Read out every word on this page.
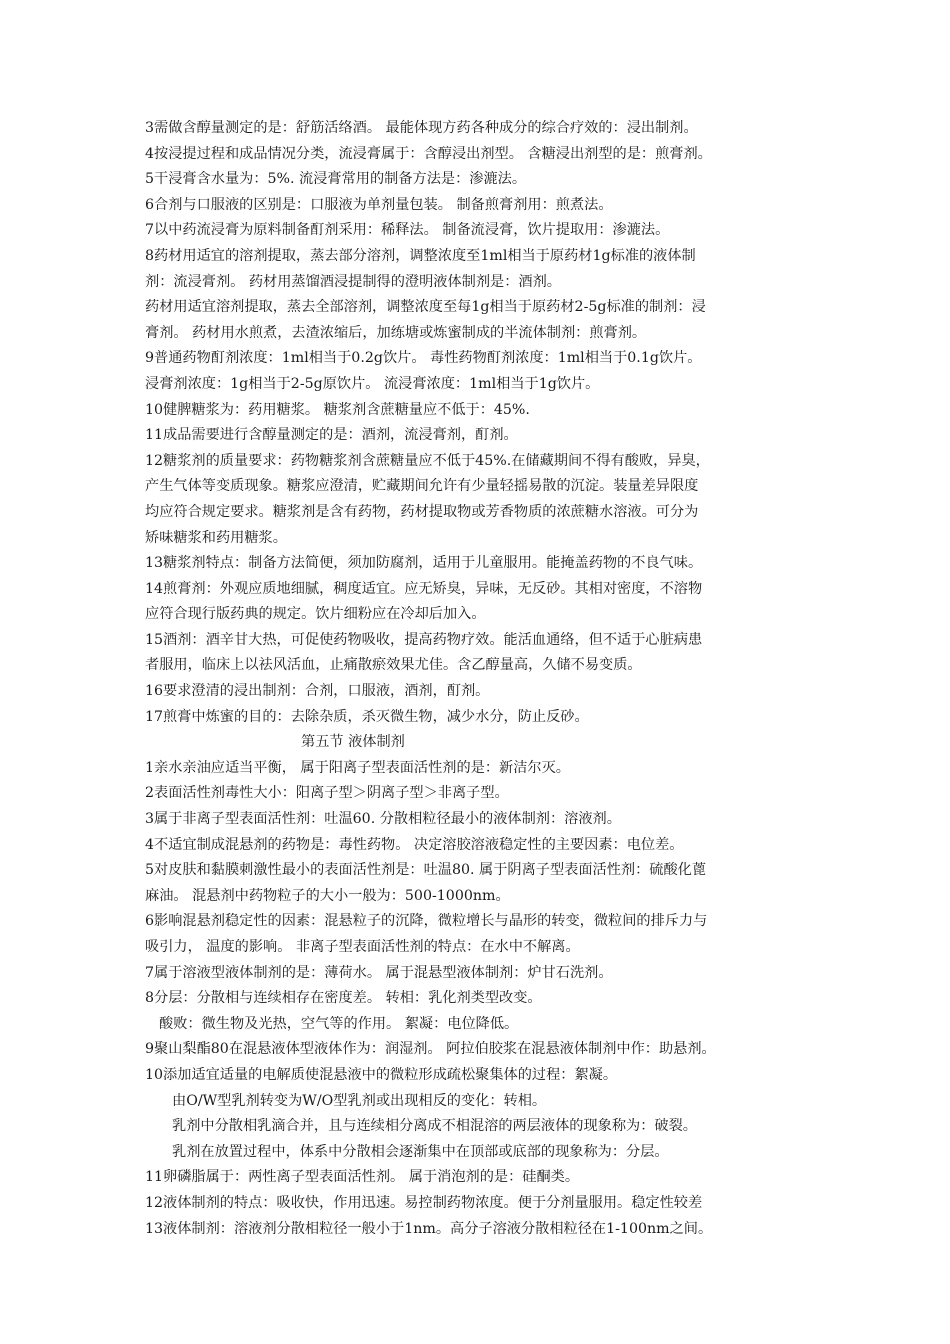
3需做含醇量测定的是：舒筋活络酒。 最能体现方药各种成分的综合疗效的：浸出制剂。
4按浸提过程和成品情况分类，流浸膏属于：含醇浸出剂型。 含糖浸出剂型的是：煎膏剂。
5干浸膏含水量为：5%. 流浸膏常用的制备方法是：渗漉法。
6合剂与口服液的区别是：口服液为单剂量包装。 制备煎膏剂用：煎煮法。
7以中药流浸膏为原料制备酊剂采用：稀释法。 制备流浸膏，饮片提取用：渗漉法。
8药材用适宜的溶剂提取，蒸去部分溶剂，调整浓度至1ml相当于原药材1g标准的液体制
剂：流浸膏剂。 药材用蒸馏酒浸提制得的澄明液体制剂是：酒剂。
药材用适宜溶剂提取，蒸去全部溶剂，调整浓度至每1g相当于原药材2-5g标准的制剂：浸
膏剂。 药材用水煎煮，去渣浓缩后，加练塘或炼蜜制成的半流体制剂：煎膏剂。
9普通药物酊剂浓度：1ml相当于0.2g饮片。 毒性药物酊剂浓度：1ml相当于0.1g饮片。
浸膏剂浓度：1g相当于2-5g原饮片。 流浸膏浓度：1ml相当于1g饮片。
10健脾糖浆为：药用糖浆。 糖浆剂含蔗糖量应不低于：45%.
11成品需要进行含醇量测定的是：酒剂，流浸膏剂，酊剂。
12糖浆剂的质量要求：药物糖浆剂含蔗糖量应不低于45%.在储藏期间不得有酸败，异臭，
产生气体等变质现象。糖浆应澄清，贮藏期间允许有少量轻摇易散的沉淀。装量差异限度
均应符合规定要求。糖浆剂是含有药物，药材提取物或芳香物质的浓蔗糖水溶液。可分为
矫味糖浆和药用糖浆。
13糖浆剂特点：制备方法简便，须加防腐剂，适用于儿童服用。能掩盖药物的不良气味。
14煎膏剂：外观应质地细腻，稠度适宜。应无矫臭，异味，无反砂。其相对密度，不溶物
应符合现行版药典的规定。饮片细粉应在冷却后加入。
15酒剂：酒辛甘大热，可促使药物吸收，提高药物疗效。能活血通络，但不适于心脏病患
者服用，临床上以祛风活血，止痛散瘀效果尤佳。含乙醇量高，久储不易变质。
16要求澄清的浸出制剂：合剂，口服液，酒剂，酊剂。
17煎膏中炼蜜的目的：去除杂质，杀灭微生物，减少水分，防止反砂。
第五节 液体制剂
1亲水亲油应适当平衡， 属于阳离子型表面活性剂的是：新洁尔灭。
2表面活性剂毒性大小：阳离子型＞阴离子型＞非离子型。
3属于非离子型表面活性剂：吐温60. 分散相粒径最小的液体制剂：溶液剂。
4不适宜制成混悬剂的药物是：毒性药物。 决定溶胶溶液稳定性的主要因素：电位差。
5对皮肤和黏膜刺激性最小的表面活性剂是：吐温80. 属于阴离子型表面活性剂：硫酸化蓖
麻油。 混悬剂中药物粒子的大小一般为：500-1000nm。
6影响混悬剂稳定性的因素：混悬粒子的沉降，微粒增长与晶形的转变，微粒间的排斥力与
吸引力， 温度的影响。 非离子型表面活性剂的特点：在水中不解离。
7属于溶液型液体制剂的是：薄荷水。 属于混悬型液体制剂：炉甘石洗剂。
8分层：分散相与连续相存在密度差。 转相：乳化剂类型改变。
酸败：微生物及光热，空气等的作用。 絮凝：电位降低。
9聚山梨酯80在混悬液体型液体作为：润湿剂。 阿拉伯胶浆在混悬液体制剂中作：助悬剂。
10添加适宜适量的电解质使混悬液中的微粒形成疏松聚集体的过程：絮凝。
由O/W型乳剂转变为W/O型乳剂或出现相反的变化：转相。
乳剂中分散相乳滴合并，且与连续相分离成不相混溶的两层液体的现象称为：破裂。
乳剂在放置过程中，体系中分散相会逐渐集中在顶部或底部的现象称为：分层。
11卵磷脂属于：两性离子型表面活性剂。 属于消泡剂的是：硅酮类。
12液体制剂的特点：吸收快，作用迅速。易控制药物浓度。便于分剂量服用。稳定性较差
13液体制剂：溶液剂分散相粒径一般小于1nm。高分子溶液分散相粒径在1-100nm之间。
